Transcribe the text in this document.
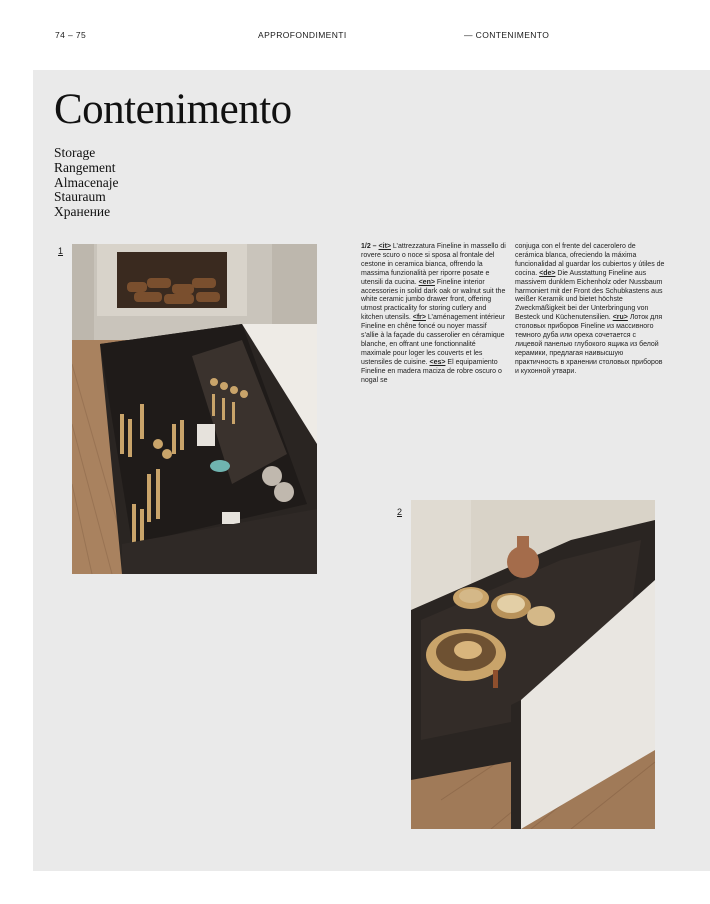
74 – 75	APPROFONDIMENTI	— CONTENIMENTO
Contenimento
Storage
Rangement
Almacenaje
Stauraum
Хранение
1	1/2 – <it> L’attrezzatura Fineline in massello di rovere scuro o noce si sposa al frontale del cestone in ceramica bianca, offrendo la massima funzionalità per riporre posate e utensili da cucina. <en> Fineline interior accessories in solid dark oak or walnut suit the white ceramic jumbo drawer front, offering utmost practicality for storing cutlery and kitchen utensils. <fr> L’aménagement intérieur Fineline en chêne foncé ou noyer massif s’allie à la façade du casserolier en céramique blanche, en offrant une fonctionnalité maximale pour loger les couverts et les ustensiles de cuisine. <es> El equipamiento Fineline en madera maciza de robre oscuro o nogal se
conjuga con el frente del cacerolero de cerámica blanca, ofreciendo la máxima funcionalidad al guardar los cubiertos y útiles de cocina. <de> Die Ausstattung Fineline aus massivem dunklem Eichenholz oder Nussbaum harmoniert mit der Front des Schubkastens aus weißer Keramik und bietet höchste Zweckmäßigkeit bei der Unterbringung von Besteck und Küchenutensilien. <ru> Лоток для столовых приборов Fineline из массивного темного дуба или ореха сочетается с лицевой панелью глубокого ящика из белой керамики, предлагая наивысшую практичность в хранении столовых приборов и кухонной утвари.
2
